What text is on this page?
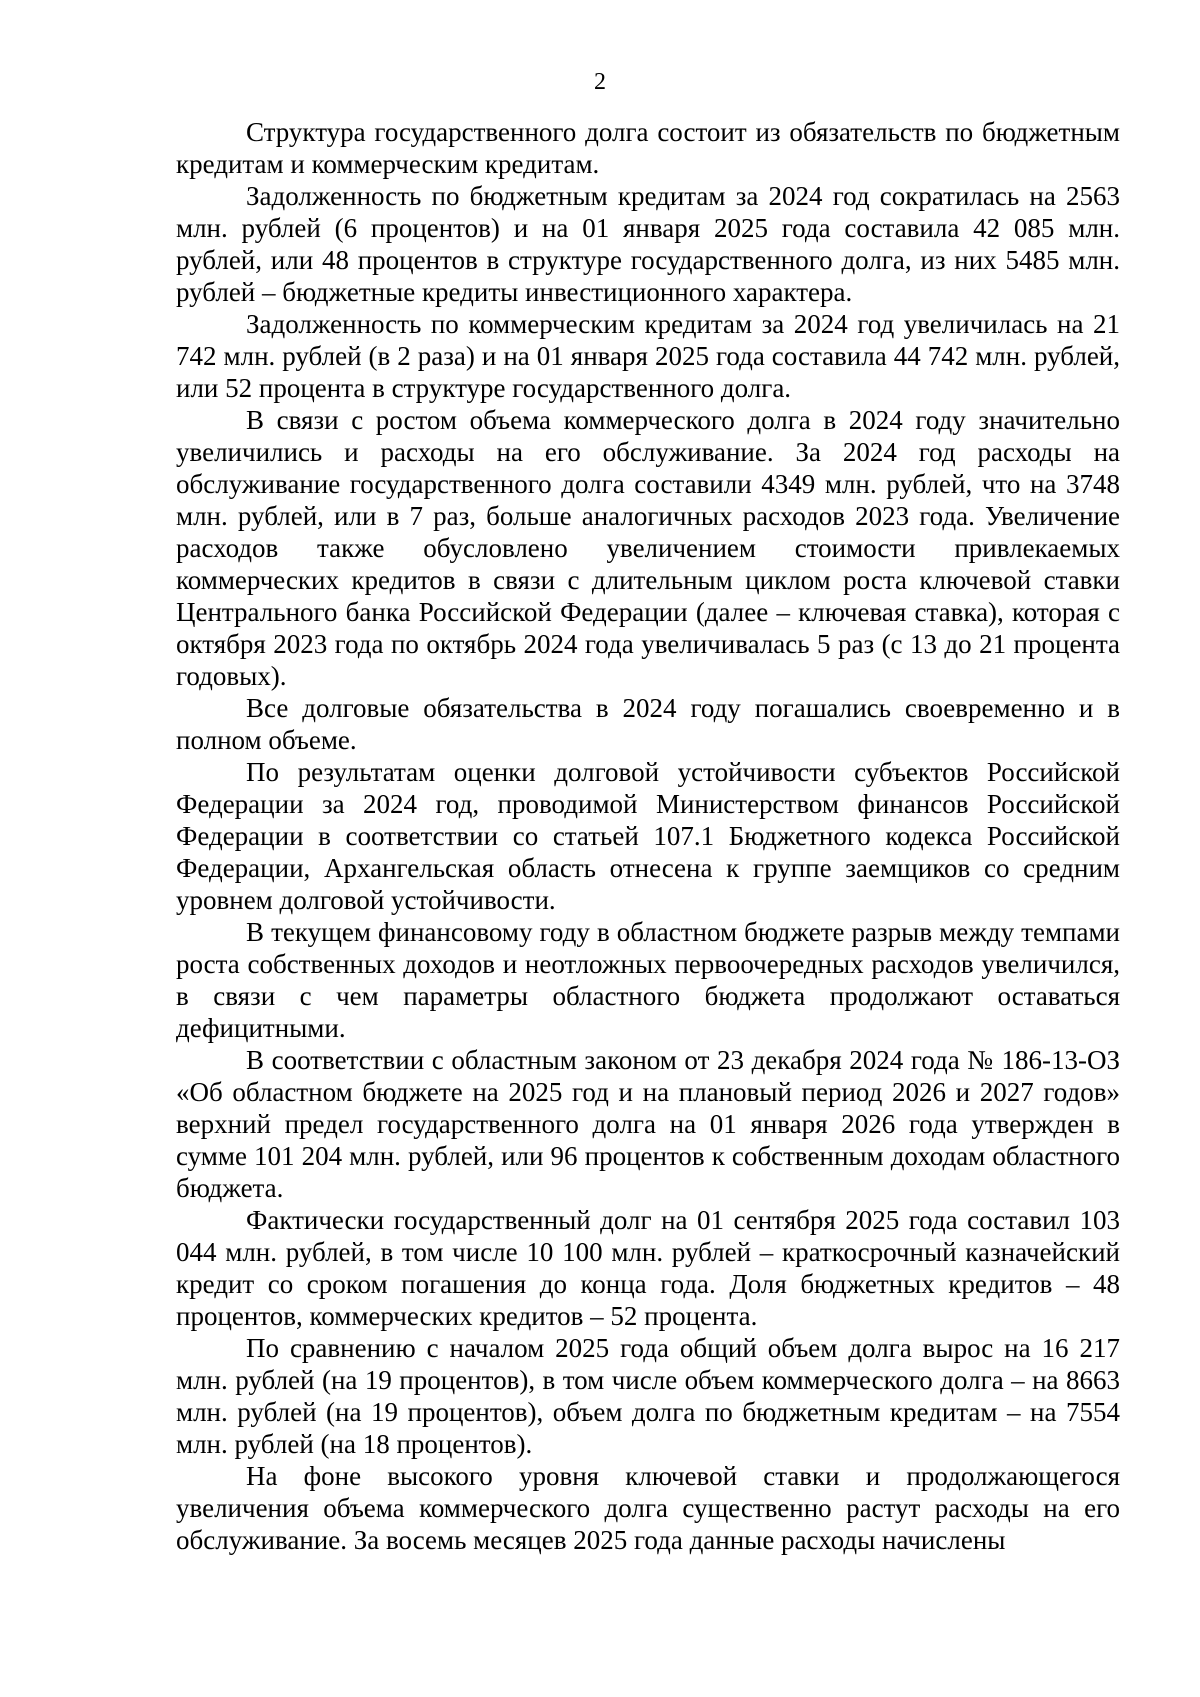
2

Структура государственного долга состоит из обязательств по бюджетным кредитам и коммерческим кредитам.

Задолженность по бюджетным кредитам за 2024 год сократилась на 2563 млн. рублей (6 процентов) и на 01 января 2025 года составила 42 085 млн. рублей, или 48 процентов в структуре государственного долга, из них 5485 млн. рублей – бюджетные кредиты инвестиционного характера.

Задолженность по коммерческим кредитам за 2024 год увеличилась на 21 742 млн. рублей (в 2 раза) и на 01 января 2025 года составила 44 742 млн. рублей, или 52 процента в структуре государственного долга.

В связи с ростом объема коммерческого долга в 2024 году значительно увеличились и расходы на его обслуживание. За 2024 год расходы на обслуживание государственного долга составили 4349 млн. рублей, что на 3748 млн. рублей, или в 7 раз, больше аналогичных расходов 2023 года. Увеличение расходов также обусловлено увеличением стоимости привлекаемых коммерческих кредитов в связи с длительным циклом роста ключевой ставки Центрального банка Российской Федерации (далее – ключевая ставка), которая с октября 2023 года по октябрь 2024 года увеличивалась 5 раз (с 13 до 21 процента годовых).

Все долговые обязательства в 2024 году погашались своевременно и в полном объеме.

По результатам оценки долговой устойчивости субъектов Российской Федерации за 2024 год, проводимой Министерством финансов Российской Федерации в соответствии со статьей 107.1 Бюджетного кодекса Российской Федерации, Архангельская область отнесена к группе заемщиков со средним уровнем долговой устойчивости.

В текущем финансовому году в областном бюджете разрыв между темпами роста собственных доходов и неотложных первоочередных расходов увеличился, в связи с чем параметры областного бюджета продолжают оставаться дефицитными.

В соответствии с областным законом от 23 декабря 2024 года № 186-13-ОЗ «Об областном бюджете на 2025 год и на плановый период 2026 и 2027 годов» верхний предел государственного долга на 01 января 2026 года утвержден в сумме 101 204 млн. рублей, или 96 процентов к собственным доходам областного бюджета.

Фактически государственный долг на 01 сентября 2025 года составил 103 044 млн. рублей, в том числе 10 100 млн. рублей – краткосрочный казначейский кредит со сроком погашения до конца года. Доля бюджетных кредитов – 48 процентов, коммерческих кредитов – 52 процента.

По сравнению с началом 2025 года общий объем долга вырос на 16 217 млн. рублей (на 19 процентов), в том числе объем коммерческого долга – на 8663 млн. рублей (на 19 процентов), объем долга по бюджетным кредитам – на 7554 млн. рублей (на 18 процентов).

На фоне высокого уровня ключевой ставки и продолжающегося увеличения объема коммерческого долга существенно растут расходы на его обслуживание. За восемь месяцев 2025 года данные расходы начислены
